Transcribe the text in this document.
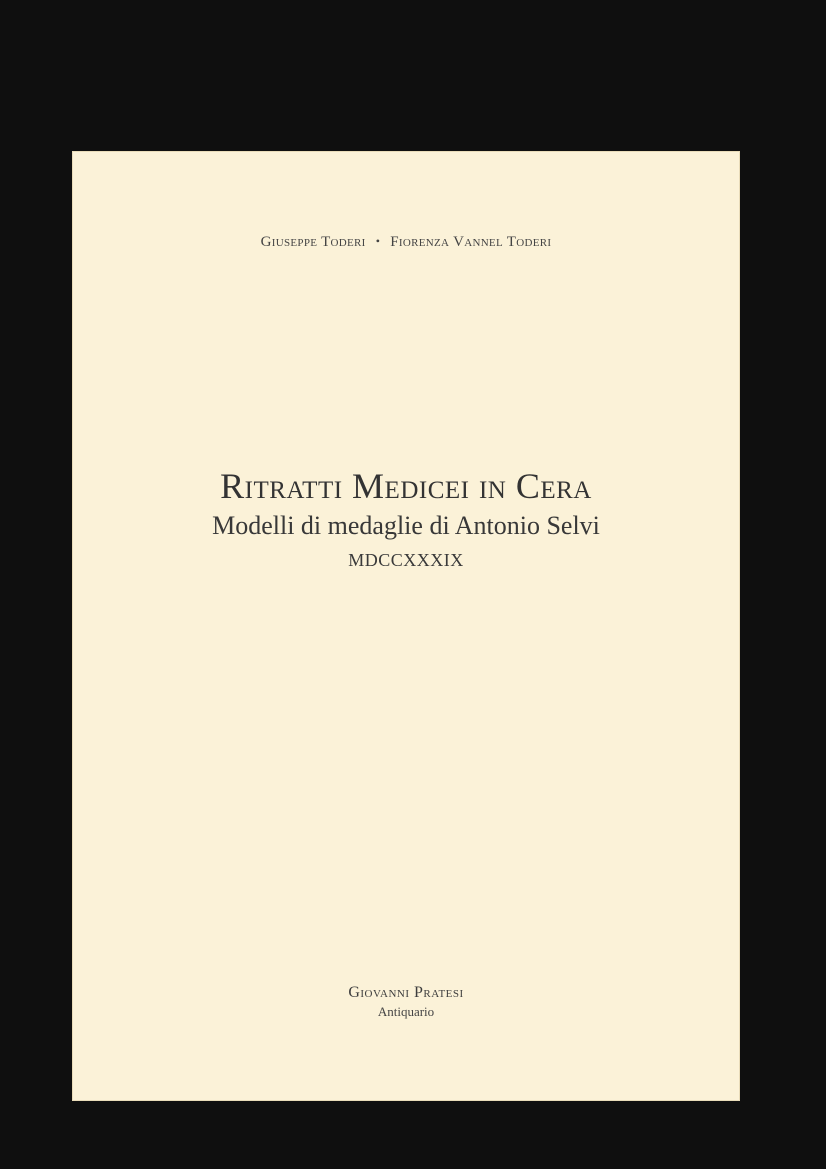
Giuseppe Toderi • Fiorenza Vannel Toderi
Ritratti Medicei in Cera
Modelli di medaglie di Antonio Selvi
MDCCXXXIX
Giovanni Pratesi
Antiquario
